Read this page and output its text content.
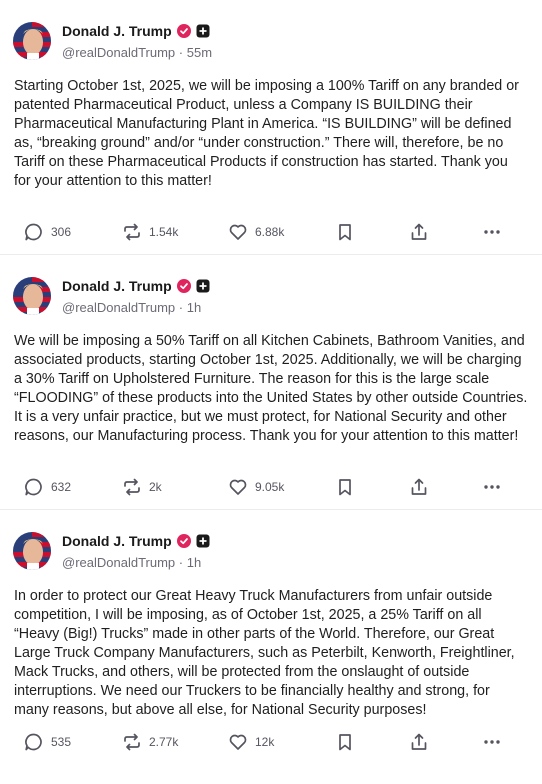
Donald J. Trump
@realDonaldTrump · 55m

Starting October 1st, 2025, we will be imposing a 100% Tariff on any branded or patented Pharmaceutical Product, unless a Company IS BUILDING their Pharmaceutical Manufacturing Plant in America. “IS BUILDING” will be defined as, “breaking ground” and/or “under construction.” There will, therefore, be no Tariff on these Pharmaceutical Products if construction has started. Thank you for your attention to this matter!

306	1.54k	6.88k
Donald J. Trump
@realDonaldTrump · 1h

We will be imposing a 50% Tariff on all Kitchen Cabinets, Bathroom Vanities, and associated products, starting October 1st, 2025. Additionally, we will be charging a 30% Tariff on Upholstered Furniture. The reason for this is the large scale “FLOODING” of these products into the United States by other outside Countries. It is a very unfair practice, but we must protect, for National Security and other reasons, our Manufacturing process. Thank you for your attention to this matter!

632	2k	9.05k
Donald J. Trump
@realDonaldTrump · 1h

In order to protect our Great Heavy Truck Manufacturers from unfair outside competition, I will be imposing, as of October 1st, 2025, a 25% Tariff on all “Heavy (Big!) Trucks” made in other parts of the World. Therefore, our Great Large Truck Company Manufacturers, such as Peterbilt, Kenworth, Freightliner, Mack Trucks, and others, will be protected from the onslaught of outside interruptions. We need our Truckers to be financially healthy and strong, for many reasons, but above all else, for National Security purposes!

535	2.77k	12k
